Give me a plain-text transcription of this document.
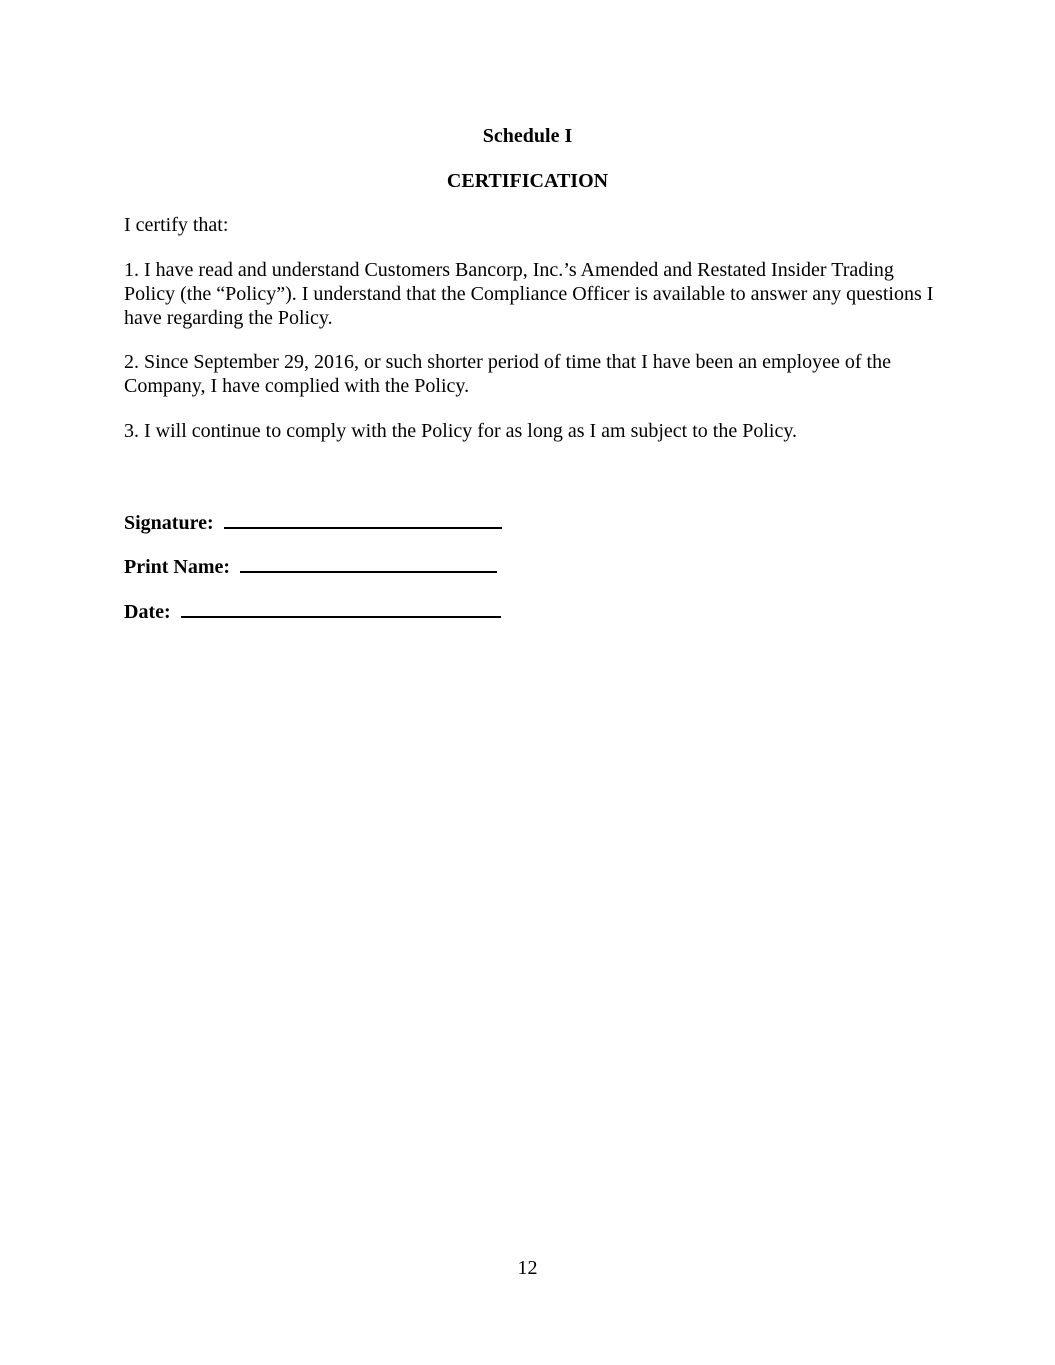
Schedule I

CERTIFICATION

I certify that:

1. I have read and understand Customers Bancorp, Inc.’s Amended and Restated Insider Trading Policy (the “Policy”). I understand that the Compliance Officer is available to answer any questions I have regarding the Policy.

2. Since September 29, 2016, or such shorter period of time that I have been an employee of the Company, I have complied with the Policy.

3. I will continue to comply with the Policy for as long as I am subject to the Policy.

Signature:
Print Name:
Date:
12
